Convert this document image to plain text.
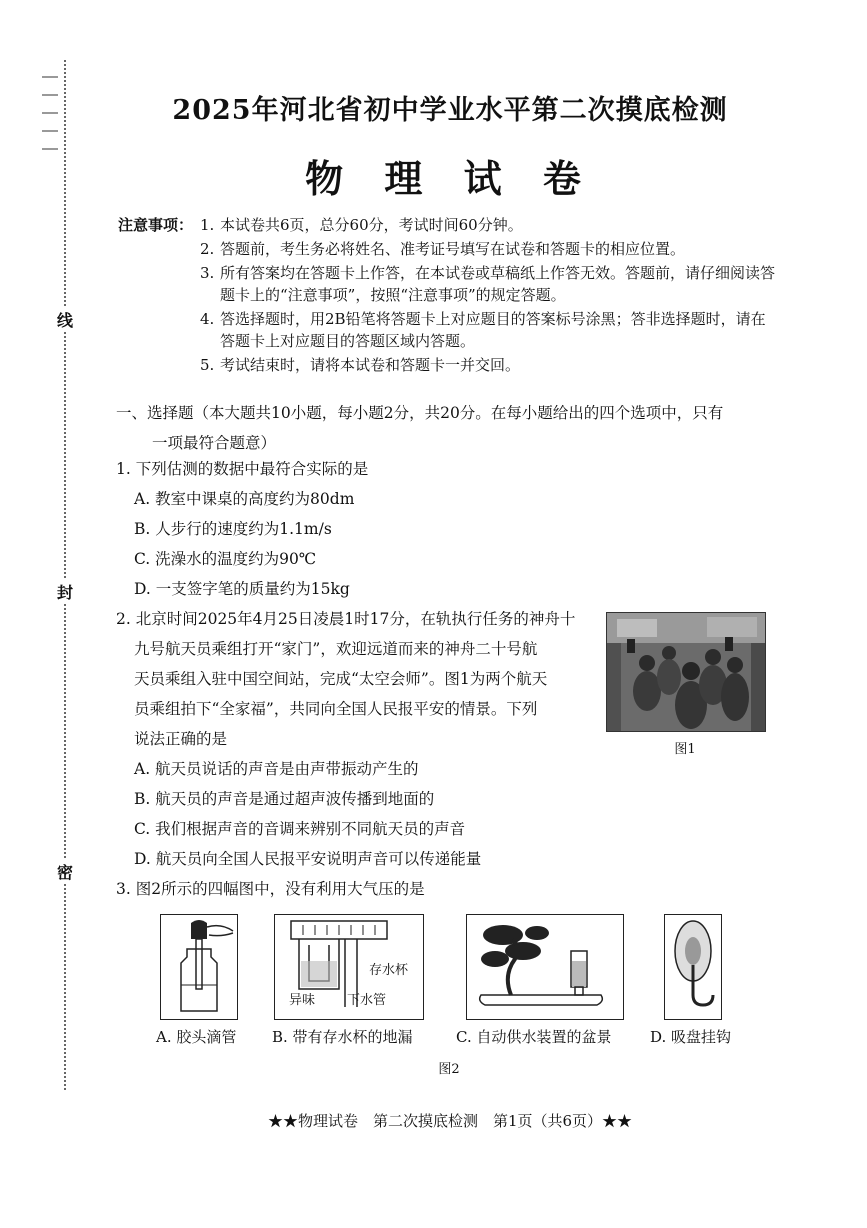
线
封
密
2025年河北省初中学业水平第二次摸底检测
物 理 试 卷
注意事项： 1. 本试卷共6页，总分60分，考试时间60分钟。
2. 答题前，考生务必将姓名、准考证号填写在试卷和答题卡的相应位置。
3. 所有答案均在答题卡上作答，在本试卷或草稿纸上作答无效。答题前，请仔细阅读答题卡上的“注意事项”，按照“注意事项”的规定答题。
4. 答选择题时，用2B铅笔将答题卡上对应题目的答案标号涂黑；答非选择题时，请在答题卡上对应题目的答题区域内答题。
5. 考试结束时，请将本试卷和答题卡一并交回。
一、选择题（本大题共10小题，每小题2分，共20分。在每小题给出的四个选项中，只有
一项最符合题意）
1. 下列估测的数据中最符合实际的是
A. 教室中课桌的高度约为80dm
B. 人步行的速度约为1.1m/s
C. 洗澡水的温度约为90℃
D. 一支签字笔的质量约为15kg
2. 北京时间2025年4月25日凌晨1时17分，在轨执行任务的神舟十
九号航天员乘组打开“家门”，欢迎远道而来的神舟二十号航
天员乘组入驻中国空间站，完成“太空会师”。图1为两个航天
员乘组拍下“全家福”，共同向全国人民报平安的情景。下列
说法正确的是
图1
A. 航天员说话的声音是由声带振动产生的
B. 航天员的声音是通过超声波传播到地面的
C. 我们根据声音的音调来辨别不同航天员的声音
D. 航天员向全国人民报平安说明声音可以传递能量
3. 图2所示的四幅图中，没有利用大气压的是
存水杯
异味 下水管
A. 胶头滴管 B. 带有存水杯的地漏	C. 自动供水装置的盆景	D. 吸盘挂钩
图2
★★物理试卷　第二次摸底检测　第1页（共6页）★★
